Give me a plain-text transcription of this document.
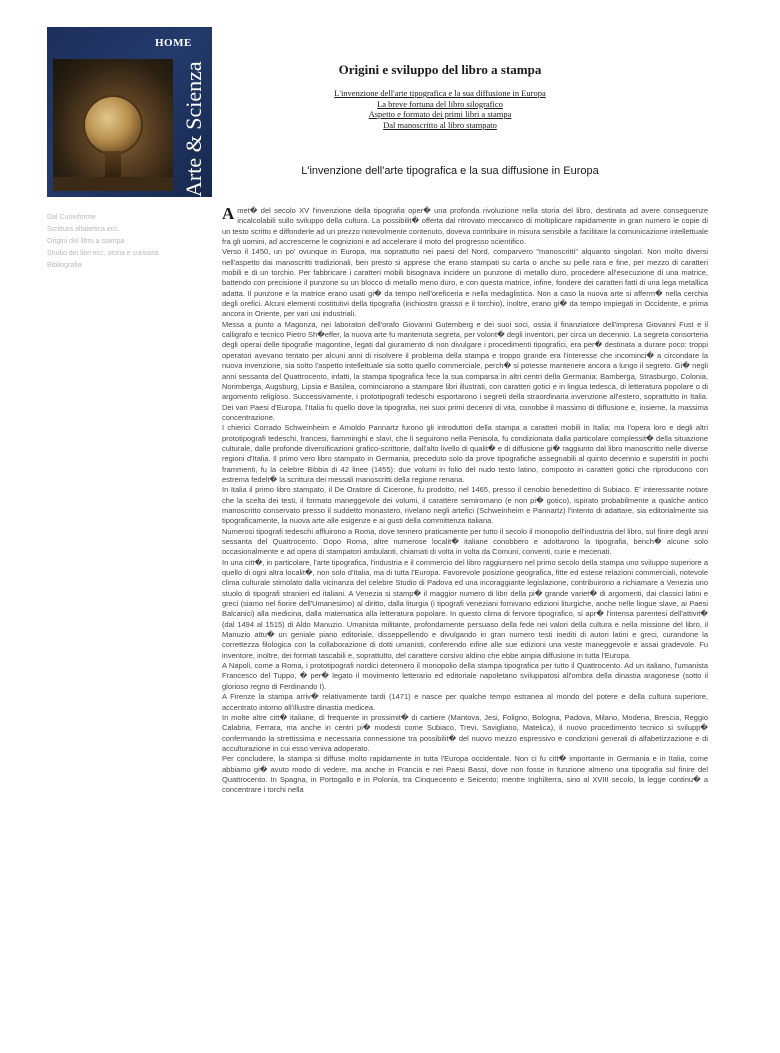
HOME
Arte & Scienza	Origini e sviluppo del libro a stampa
L'invenzione dell'arte tipografica e la sua diffusione in Europa
La breve fortuna del libro silografico
Aspetto e formato dei primi libri a stampa
Dal manoscritto al libro stampato
L'invenzione dell'arte tipografica e la sua diffusione in Europa
Dal Cuneiforme
Scrittura alfabetica ecc.
Origini del libro a stampa
Studio dei libri ecc. storia e curiosità
Bibliografia

A met� del secolo XV l'invenzione della tipografia oper� una profonda rivoluzione nella storia del libro, destinata ad avere conseguenze incalcolabili sullo sviluppo della cultura. La possibilit� offerta dal ritrovato meccanico di moltiplicare rapidamente in gran numero le copie di un testo scritto e diffonderle ad un prezzo notevolmente contenuto, doveva contribuire in misura sensibile a facilitare la comunicazione intellettuale fra gli uomini, ad accrescerne le cognizioni e ad accelerare il moto del progresso scientifico.

Verso il 1450, un po' ovunque in Europa, ma soprattutto nei paesi del Nord, comparvero "manoscritti" alquanto singolari. Non molto diversi nell'aspetto dai manoscritti tradizionali, ben presto si apprese che erano stampati su carta o anche su pelle rara e fine, per mezzo di caratteri mobili e di un torchio. Per fabbricare i caratteri mobili bisognava incidere un punzone di metallo duro, procedere all'esecuzione di una matrice, battendo con precisione il punzone su un blocco di metallo meno duro, e con questa matrice, infine, fondere dei caratteri fatti di una lega metallica adatta. Il punzone e la matrice erano usati gi� da tempo nell'oreficeria e nella medaglistica. Non a caso la nuova arte si afferm� nella cerchia degli orefici. Alcuni elementi costitutivi della tipografia (inchiostro grasso e il torchio), inoltre, erano gi� da tempo impiegati in Occidente, e prima ancora in Oriente, per vari usi industriali.

Messa a punto a Magonza, nei laboratori dell'orafo Giovanni Gutemberg e dei suoi soci, ossia il finanziatore dell'impresa Giovanni Fust e il calligrafo e tecnico Pietro Sh�effer, la nuova arte fu mantenuta segreta, per volont� degli inventori, per circa un decennio. La segreta consorteria degli operai delle tipografie magontine, legati dal giuramento di non divulgare i procedimenti tipografici, era per� destinata a durare poco: troppi operatori avevano tentato per alcuni anni di risolvere il problema della stampa e troppo grande era l'interesse che incominci� a circondare la nuova invenzione, sia sotto l'aspetto intellettuale sia sotto quello commerciale, perch� si potesse mantenere ancora a lungo il segreto. Gi� negli anni sessanta del Quattrocento, infatti, la stampa tipografica fece la sua comparsa in altri centri della Germania: Bamberga, Strasburgo, Colonia, Norimberga, Augsburg, Lipsia e Basilea, cominciarono a stampare libri illustrati, con caratteri gotici e in lingua tedesca, di letteratura popolare o di argomento religioso. Successivamente, i prototipografi tedeschi esportarono i segreti della straordinaria invenzione all'estero, soprattutto in Italia. Dei vari Paesi d'Europa, l'Italia fu quello dove la tipografia, nei suoi primi decenni di vita, conobbe il massimo di diffusione e, insieme, la massima concentrazione.

I chierici Corrado Schweinheim e Arnoldo Pannartz furono gli introduttori della stampa a caratteri mobili in Italia; ma l'opera loro e degli altri prototipografi tedeschi, francesi, fiamminghi e slavi, che li seguirono nella Penisola, fu condizionata dalla particolare complessit� della situazione culturale, dalle profonde diversificazioni grafico-scrittorie, dall'alto livello di qualit� e di diffusione gi� raggiunto dal libro manoscritto nelle diverse regioni d'Italia. Il primo vero libro stampato in Germania, preceduto solo da prove tipografiche assegnabili al quinto decennio e superstiti in pochi frammenti, fu la celebre Bibbia di 42 linee (1455): due volumi in folio del nudo testo latino, composto in caratteri gotici che riproducono con estrema fedelt� la scrittura dei messali manoscritti della regione renana.

In Italia il primo libro stampato, il De Oratore di Cicerone, fu prodotto, nel 1465, presso il cenobio benedettino di Subiaco. E' interessante notare che la scelta dei testi, il formato maneggevole dei volumi, il carattere semiromano (e non pi� gotico), ispirato probabilmente a qualche antico manoscritto conservato presso il suddetto monastero, rivelano negli artefici (Schweinheim e Pannartz) l'intento di adattare, sia editorialmente sia tipograficamente, la nuova arte alle esigenze e ai gusti della committenza italiana.

Numerosi tipografi tedeschi affluirono a Roma, dove tennero praticamente per tutto il secolo il monopolio dell'industria del libro, sul finire degli anni sessanta del Quattrocento. Dopo Roma, altre numerose localit� italiane conobbero e adottarono la tipografia, bench� alcune solo occasionalmente e ad opera di stampatori ambulanti, chiamati di volta in volta da Comuni, conventi, curie e mecenati.

In una citt�, in particolare, l'arte tipografica, l'industria e il commercio del libro raggiunsero nel primo secolo della stampa uno sviluppo superiore a quello di ogni altra localit�, non solo d'Italia, ma di tutta l'Europa. Favorevole posizione geografica, fitte ed estese relazioni commerciali, notevole clima culturale stimolato dalla vicinanza del celebre Studio di Padova ed una incoraggiante legislazione, contribuirono a richiamare a Venezia uno stuolo di tipografi stranieri ed italiani. A Venezia si stamp� il maggior numero di libri della pi� grande variet� di argomenti, dai classici latini e greci (siamo nel fiorire dell'Umanesimo) al diritto, dalla liturgia (i tipografi veneziani fornivano edizioni liturgiche, anche nelle lingue slave, ai Paesi Balcanici) alla medicina, dalla matematica alla letteratura popolare. In questo clima di fervore tipografico, si apr� l'intensa parentesi dell'attivit� (dal 1494 al 1515) di Aldo Manuzio. Umanista militante, profondamente persuaso della fede nei valori della cultura e nella missione del libro, il Manuzio attu� un geniale piano editoriale, disseppellendo e divulgando in gran numero testi inediti di autori latini e greci, curandone la correttezza filologica con la collaborazione di dotti umanisti, conferendo infine alle sue edizioni una veste maneggevole e assai gradevole. Fu inventore, inoltre, dei formati tascabili e, soprattutto, del carattere corsivo aldino che ebbe ampia diffusione in tutta l'Europa.

A Napoli, come a Roma, i prototipografi nordici detennero il monopolio della stampa tipografica per tutto il Quattrocento. Ad un italiano, l'umanista Francesco del Tuppo, � per� legato il movimento letterario ed editoriale napoletano sviluppatosi all'ombra della dinastia aragonese (sotto il glorioso regno di Ferdinando I).

A Firenze la stampa arriv� relativamente tardi (1471) e nasce per qualche tempo estranea al mondo del potere e della cultura superiore, accentrato intorno all'illustre dinastia medicea.

In molte altre citt� italiane, di frequente in prossimit� di cartiere (Mantova, Jesi, Foligno, Bologna, Padova, Milano, Modena, Brescia, Reggio Calabria, Ferrara, ma anche in centri pi� modesti come Subiaco, Trevi, Savigliano, Matelica), il nuovo procedimento tecnico si svilupp� confermando la strettissima e necessaria connessione tra possibilit� del nuovo mezzo espressivo e condizioni generali di alfabetizzazione e di acculturazione in cui esso veniva adoperato.

Per concludere, la stampa si diffuse molto rapidamente in tutta l'Europa occidentale. Non ci fu citt� importante in Germania e in Italia, come abbiamo gi� avuto modo di vedere, ma anche in Francia e nei Paesi Bassi, dove non fosse in funzione almeno una tipografia sul finire del Quattrocento. In Spagna, in Portogallo e in Polonia, tra Cinquecento e Seicento; mentre Inghilterra, sino al XVIII secolo, la legge continu� a concentrare i torchi nella
